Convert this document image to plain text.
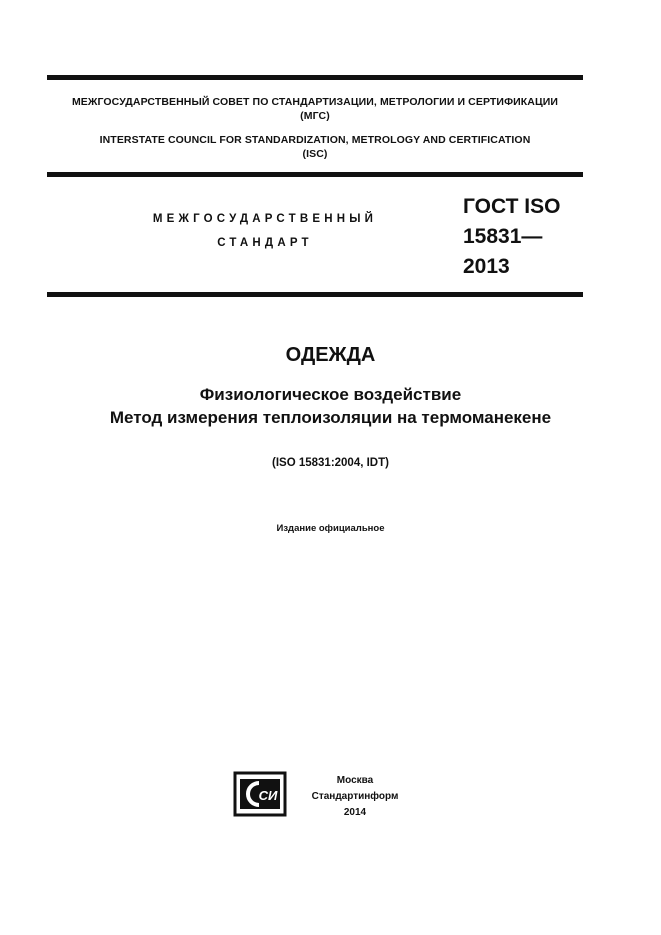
МЕЖГОСУДАРСТВЕННЫЙ СОВЕТ ПО СТАНДАРТИЗАЦИИ, МЕТРОЛОГИИ И СЕРТИФИКАЦИИ
(МГС)
INTERSTATE COUNCIL FOR STANDARDIZATION, METROLOGY AND CERTIFICATION
(ISC)
МЕЖГОСУДАРСТВЕННЫЙ
СТАНДАРТ
ГОСТ ISO
15831—
2013
ОДЕЖДА
Физиологическое воздействие
Метод измерения теплоизоляции на термоманекене
(ISO 15831:2004, IDT)
Издание официальное
СИ
Москва
Стандартинформ
2014
